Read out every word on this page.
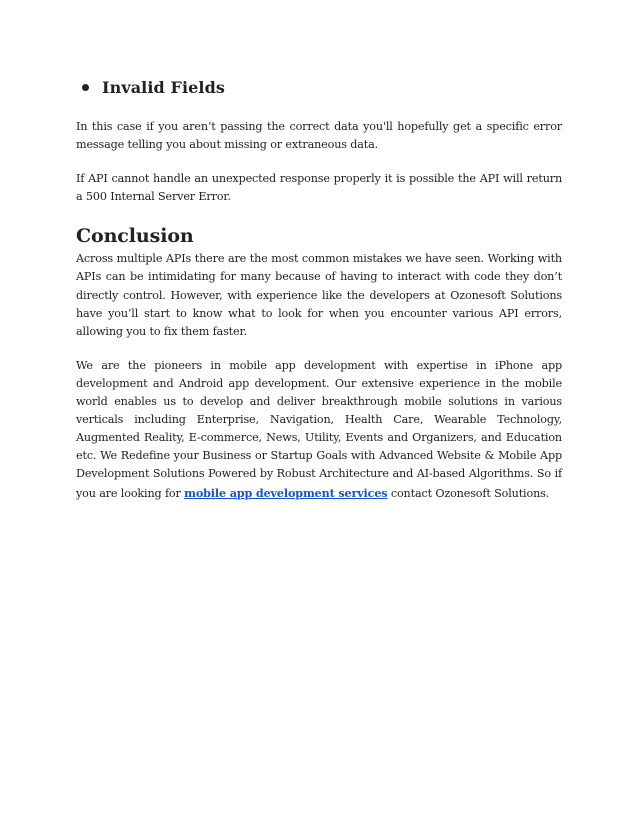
Invalid Fields

In this case if you aren’t passing the correct data you'll hopefully get a specific error message telling you about missing or extraneous data.

If API cannot handle an unexpected response properly it is possible the API will return a 500 Internal Server Error.

Conclusion

Across multiple APIs there are the most common mistakes we have seen. Working with APIs can be intimidating for many because of having to interact with code they don’t directly control. However, with experience like the developers at Ozonesoft Solutions have you’ll start to know what to look for when you encounter various API errors, allowing you to fix them faster.

We are the pioneers in mobile app development with expertise in iPhone app development and Android app development. Our extensive experience in the mobile world enables us to develop and deliver breakthrough mobile solutions in various verticals including Enterprise, Navigation, Health Care, Wearable Technology, Augmented Reality, E-commerce, News, Utility, Events and Organizers, and Education etc. We Redefine your Business or Startup Goals with Advanced Website & Mobile App Development Solutions Powered by Robust Architecture and AI-based Algorithms. So if you are looking for mobile app development services contact Ozonesoft Solutions.
